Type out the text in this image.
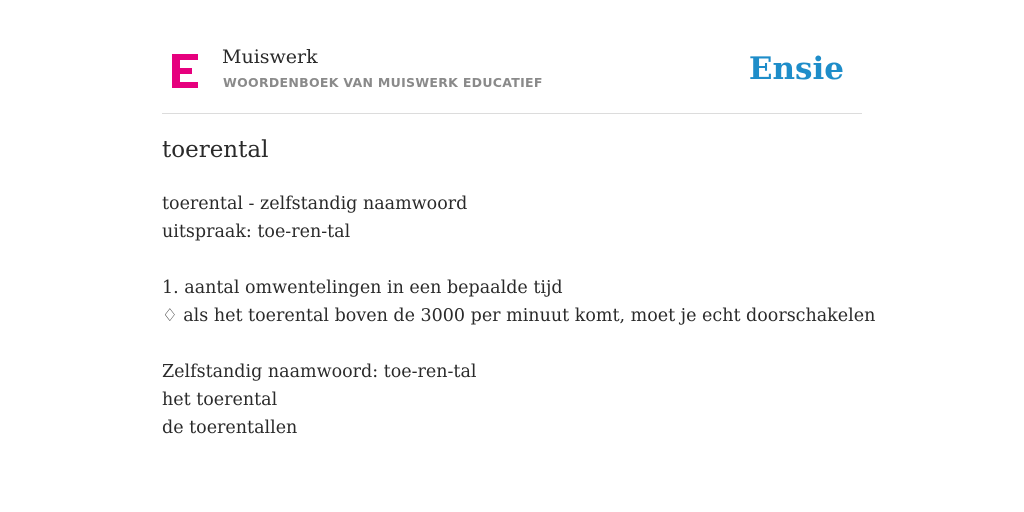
Muiswerk
WOORDENBOEK VAN MUISWERK EDUCATIEF	Ensie
toerental
toerental - zelfstandig naamwoord
uitspraak: toe-ren-tal
1. aantal omwentelingen in een bepaalde tijd
♢ als het toerental boven de 3000 per minuut komt, moet je echt doorschakelen
Zelfstandig naamwoord: toe-ren-tal
het toerental
de toerentallen
